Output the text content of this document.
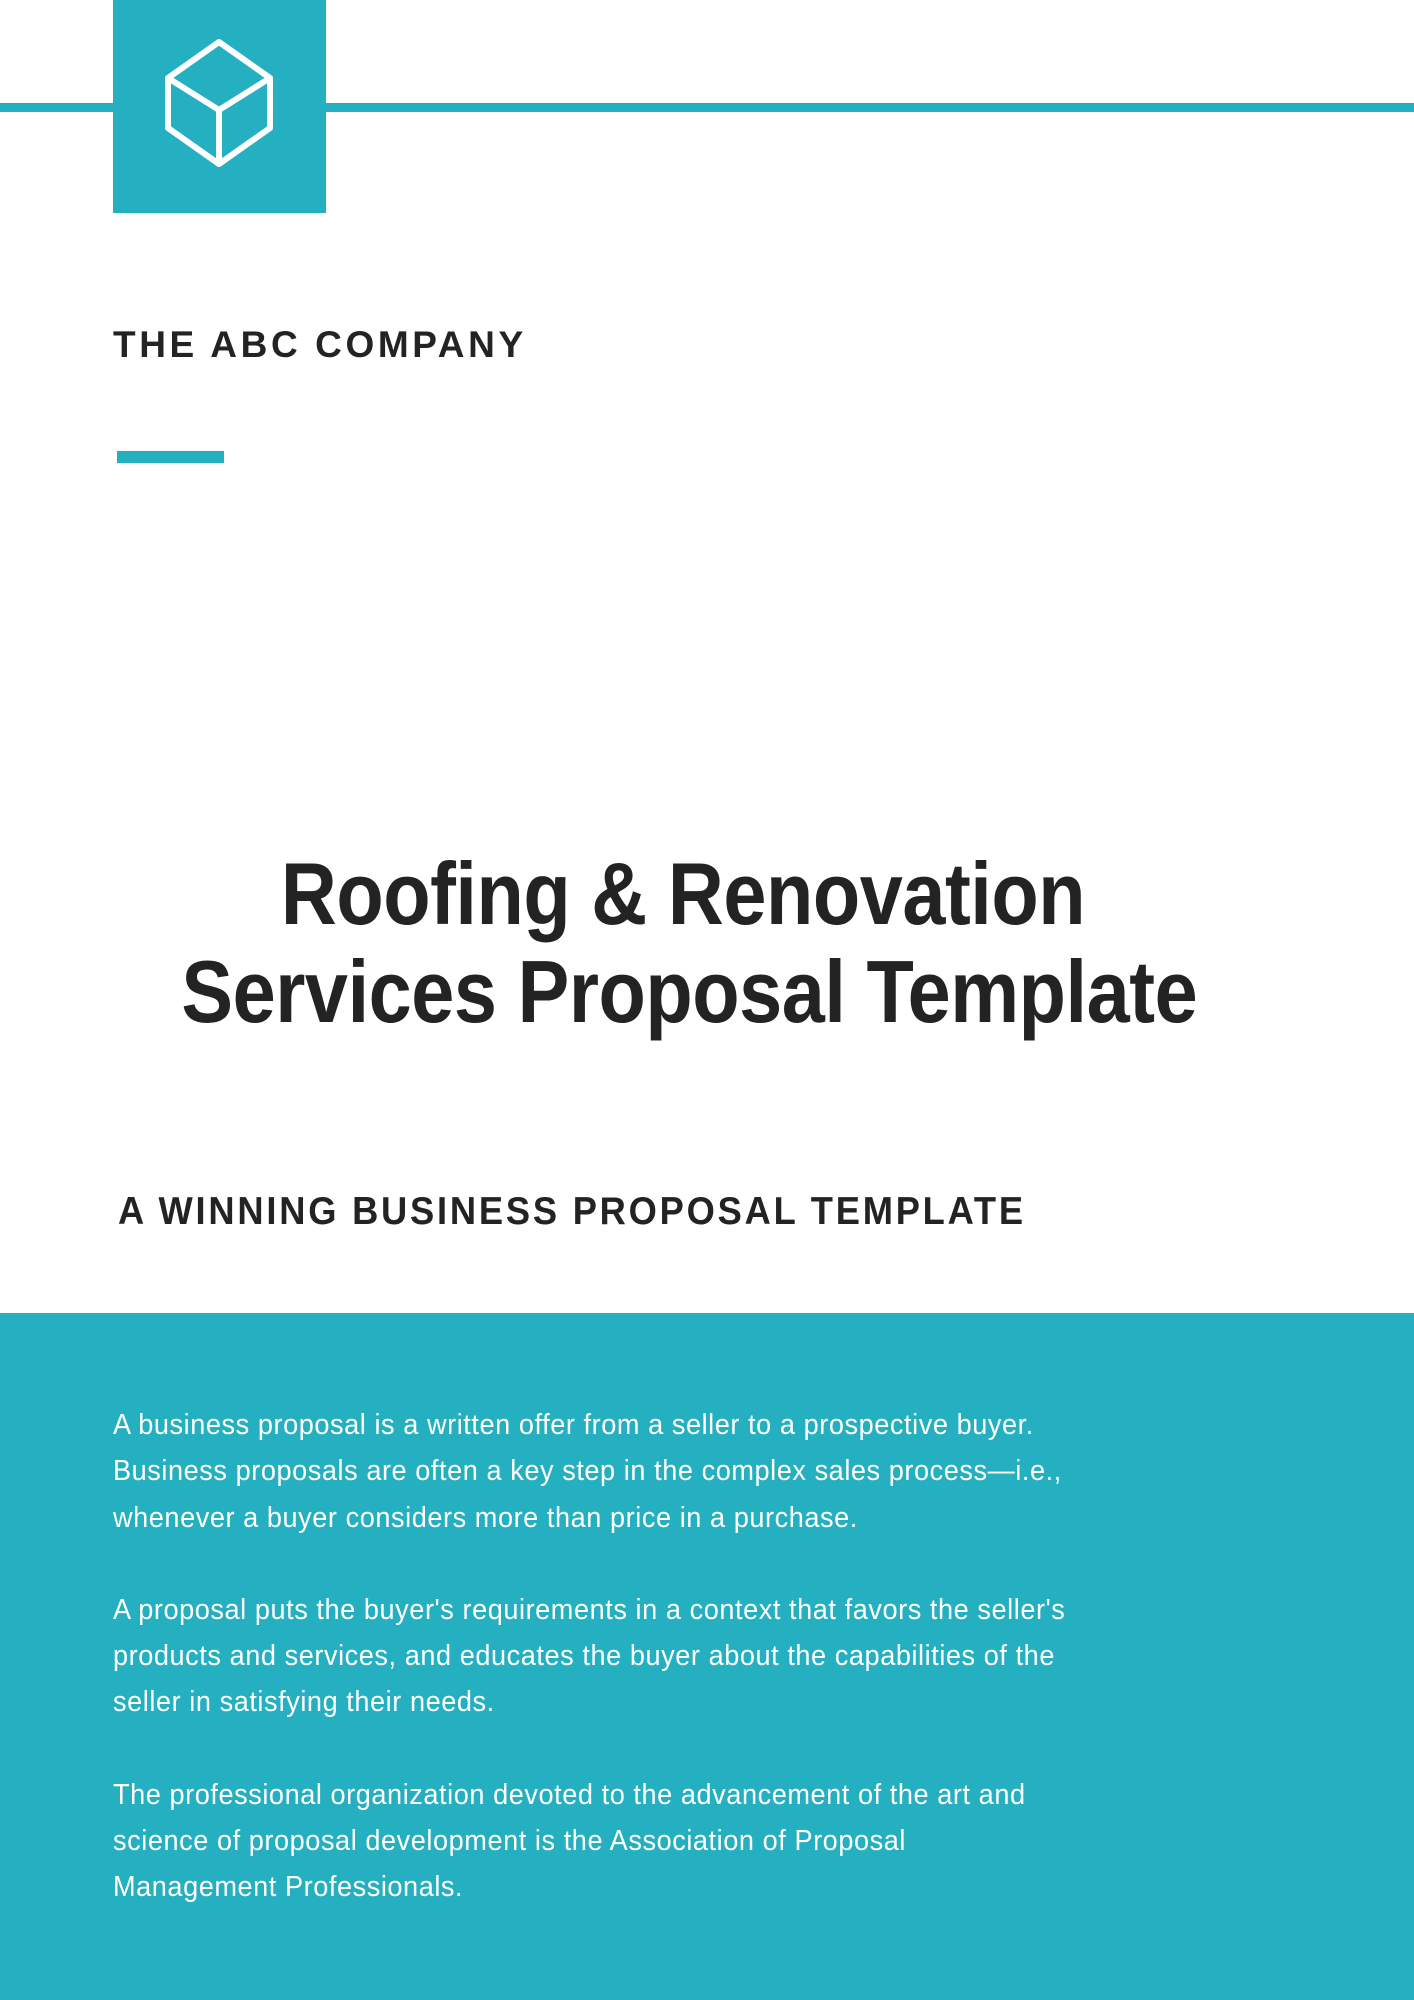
THE ABC COMPANY
Roofing & Renovation
Services Proposal Template
A WINNING BUSINESS PROPOSAL TEMPLATE

A business proposal is a written offer from a seller to a prospective buyer.
Business proposals are often a key step in the complex sales process—i.e.,
whenever a buyer considers more than price in a purchase.

A proposal puts the buyer's requirements in a context that favors the seller's
products and services, and educates the buyer about the capabilities of the
seller in satisfying their needs.

The professional organization devoted to the advancement of the art and
science of proposal development is the Association of Proposal
Management Professionals.
